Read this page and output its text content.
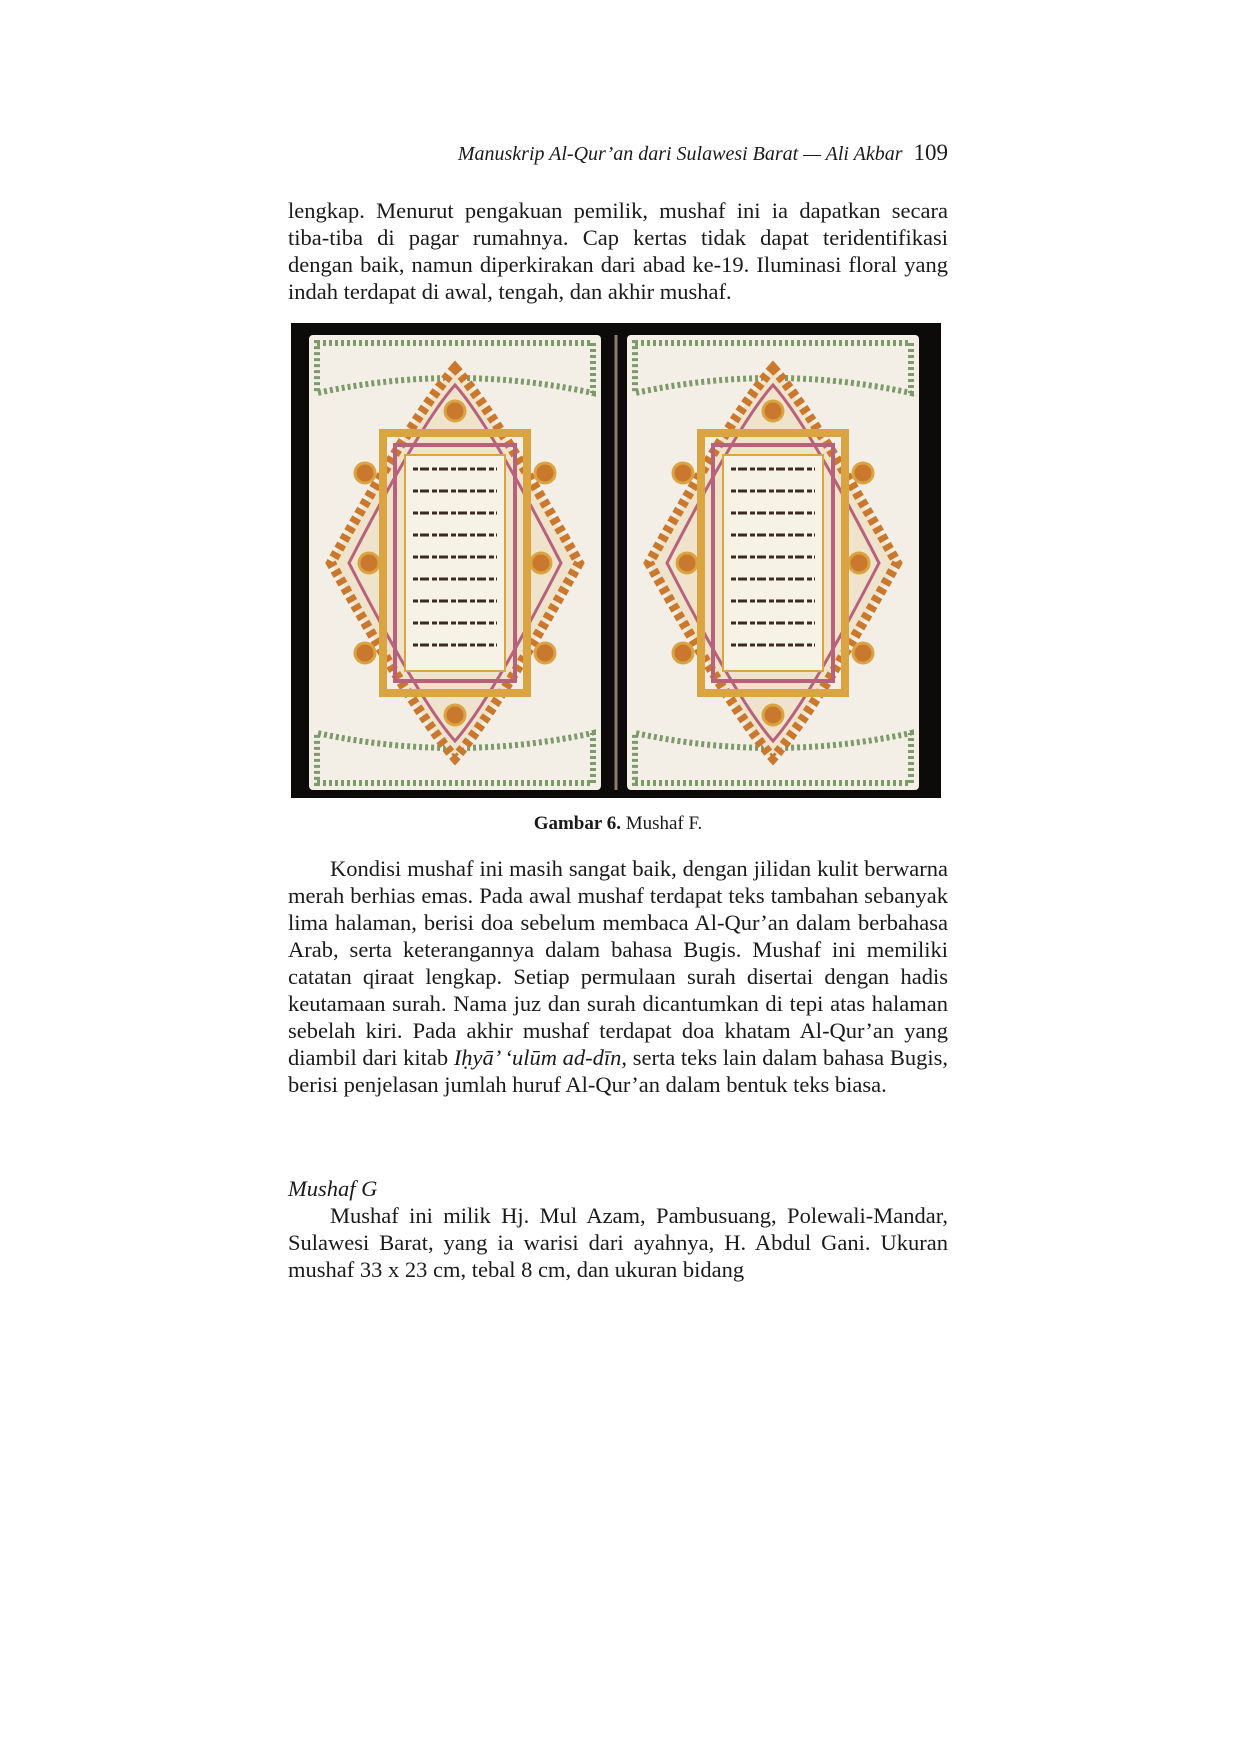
Manuskrip Al-Qur’an dari Sulawesi Barat — Ali Akbar 109

lengkap. Menurut pengakuan pemilik, mushaf ini ia dapatkan secara tiba-tiba di pagar rumahnya. Cap kertas tidak dapat teridentifikasi dengan baik, namun diperkirakan dari abad ke-19. Iluminasi floral yang indah terdapat di awal, tengah, dan akhir mushaf.

Gambar 6. Mushaf F.

Kondisi mushaf ini masih sangat baik, dengan jilidan kulit berwarna merah berhias emas. Pada awal mushaf terdapat teks tambahan sebanyak lima halaman, berisi doa sebelum membaca Al-Qur’an dalam berbahasa Arab, serta keterangannya dalam bahasa Bugis. Mushaf ini memiliki catatan qiraat lengkap. Setiap permulaan surah disertai dengan hadis keutamaan surah. Nama juz dan surah dicantumkan di tepi atas halaman sebelah kiri. Pada akhir mushaf terdapat doa khatam Al-Qur’an yang diambil dari kitab Iḥyā’ ‘ulūm ad-dīn, serta teks lain dalam bahasa Bugis, berisi penjelasan jumlah huruf Al-Qur’an dalam bentuk teks biasa.

Mushaf G

Mushaf ini milik Hj. Mul Azam, Pambusuang, Polewali-Mandar, Sulawesi Barat, yang ia warisi dari ayahnya, H. Abdul Gani. Ukuran mushaf 33 x 23 cm, tebal 8 cm, dan ukuran bidang
